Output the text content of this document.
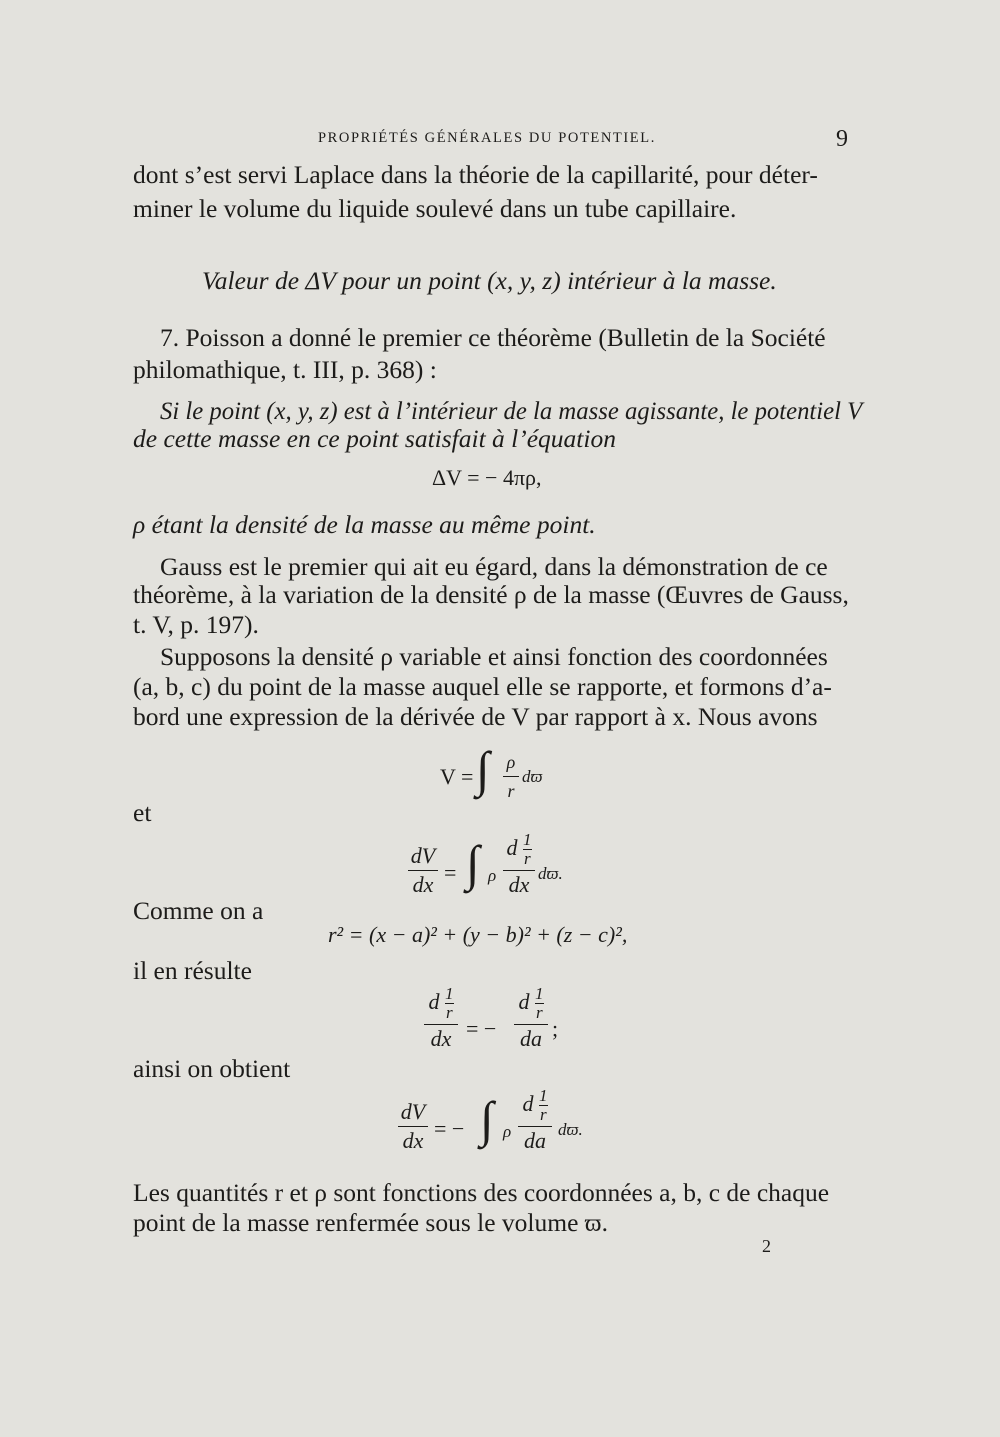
PROPRIÉTÉS GÉNÉRALES DU POTENTIEL.	9
dont s’est servi Laplace dans la théorie de la capillarité, pour déter-
miner le volume du liquide soulevé dans un tube capillaire.
Valeur de ΔV pour un point (x, y, z) intérieur à la masse.
7. Poisson a donné le premier ce théorème (Bulletin de la Société
philomathique, t. III, p. 368) :
Si le point (x, y, z) est à l’intérieur de la masse agissante, le potentiel V
de cette masse en ce point satisfait à l’équation
ΔV = − 4πρ,
ρ étant la densité de la masse au même point.
Gauss est le premier qui ait eu égard, dans la démonstration de ce
théorème, à la variation de la densité ρ de la masse (Œuvres de Gauss,
t. V, p. 197).
Supposons la densité ρ variable et ainsi fonction des coordonnées
(a, b, c) du point de la masse auquel elle se rapporte, et formons d’a-
bord une expression de la dérivée de V par rapport à x. Nous avons
V = ∫ ρ
r
dϖ
et
dV
dx = ∫ ρ
d $\frac{1}{r}$
dx dϖ.
Comme on a
r² = (x − a)² + (y − b)² + (z − c)²,
il en résulte
d $\frac{1}{r}$
dx = −
d $\frac{1}{r}$
da ;
ainsi on obtient
dV
dx = − ∫ ρ
d $\frac{1}{r}$
da dϖ.
Les quantités r et ρ sont fonctions des coordonnées a, b, c de chaque
point de la masse renfermée sous le volume ϖ.
2
